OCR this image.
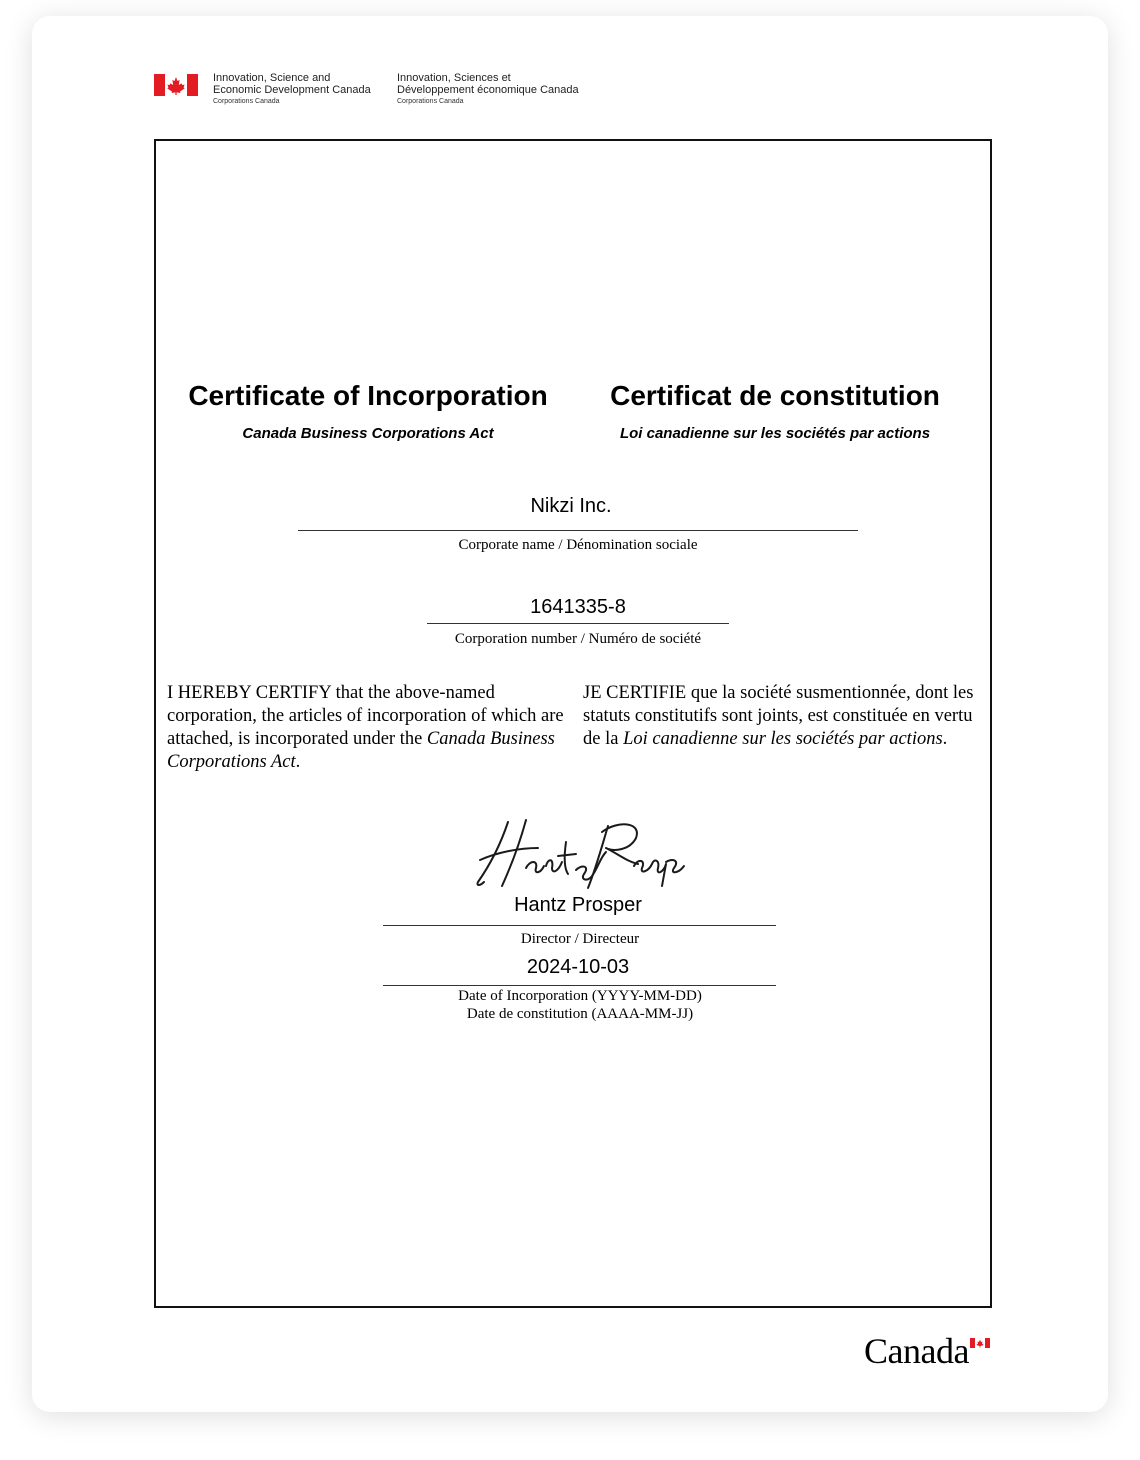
Innovation, Science and
Economic Development Canada
Corporations Canada
Innovation, Sciences et
Développement économique Canada
Corporations Canada
Certificate of Incorporation Certificat de constitution
Canada Business Corporations Act	Loi canadienne sur les sociétés par actions
Nikzi Inc.
Corporate name / Dénomination sociale
1641335-8
Corporation number / Numéro de société
I HEREBY CERTIFY that the above-named corporation, the articles of incorporation of which are attached, is incorporated under the Canada Business Corporations Act.
JE CERTIFIE que la société susmentionnée, dont les statuts constitutifs sont joints, est constituée en vertu de la Loi canadienne sur les sociétés par actions.
Hantz Prosper
Director / Directeur
2024-10-03
Date of Incorporation (YYYY-MM-DD)
Date de constitution (AAAA-MM-JJ)
Canada
